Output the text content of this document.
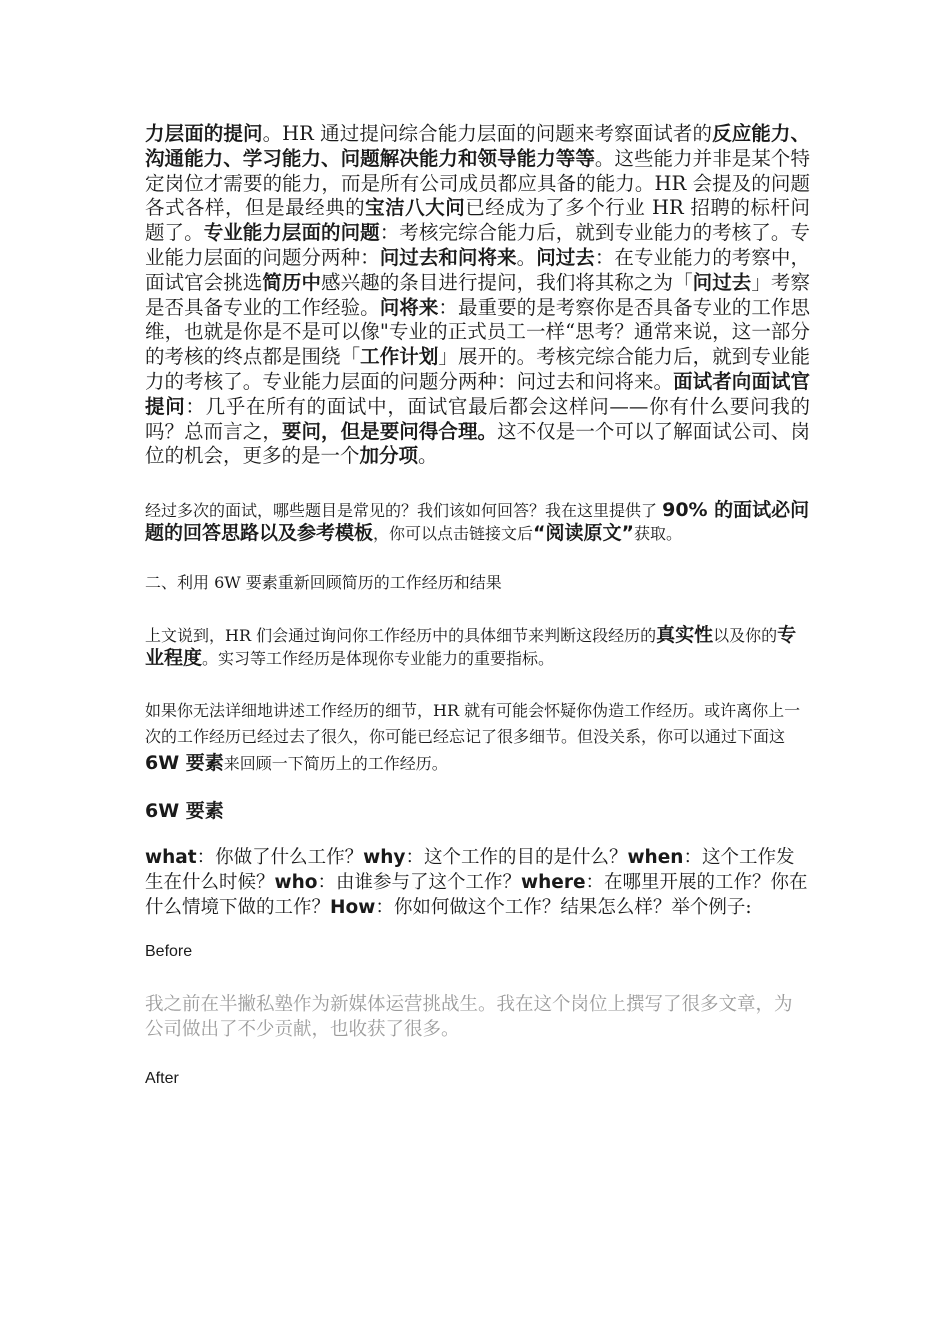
力层面的提问。HR 通过提问综合能力层面的问题来考察面试者的反应能力、沟通能力、学习能力、问题解决能力和领导能力等等。这些能力并非是某个特定岗位才需要的能力，而是所有公司成员都应具备的能力。HR 会提及的问题各式各样，但是最经典的宝洁八大问已经成为了多个行业 HR 招聘的标杆问题了。专业能力层面的问题：考核完综合能力后，就到专业能力的考核了。专业能力层面的问题分两种：问过去和问将来。问过去：在专业能力的考察中，面试官会挑选简历中感兴趣的条目进行提问，我们将其称之为「问过去」考察是否具备专业的工作经验。问将来：最重要的是考察你是否具备专业的工作思维，也就是你是不是可以像"专业的正式员工一样“思考？通常来说，这一部分的考核的终点都是围绕「工作计划」展开的。考核完综合能力后，就到专业能力的考核了。专业能力层面的问题分两种：问过去和问将来。面试者向面试官提问：几乎在所有的面试中，面试官最后都会这样问——你有什么要问我的吗？总而言之，要问，但是要问得合理。这不仅是一个可以了解面试公司、岗位的机会，更多的是一个加分项。

经过多次的面试，哪些题目是常见的？我们该如何回答？我在这里提供了 90% 的面试必问题的回答思路以及参考模板，你可以点击链接文后“阅读原文”获取。

二、利用 6W 要素重新回顾简历的工作经历和结果

上文说到，HR 们会通过询问你工作经历中的具体细节来判断这段经历的真实性以及你的专业程度。实习等工作经历是体现你专业能力的重要指标。

如果你无法详细地讲述工作经历的细节，HR 就有可能会怀疑你伪造工作经历。或许离你上一次的工作经历已经过去了很久，你可能已经忘记了很多细节。但没关系，你可以通过下面这 6W 要素来回顾一下简历上的工作经历。

6W 要素

what：你做了什么工作？why：这个工作的目的是什么？when：这个工作发生在什么时候？who：由谁参与了这个工作？where：在哪里开展的工作？你在什么情境下做的工作？How：你如何做这个工作？结果怎么样？举个例子:

Before

我之前在半撇私塾作为新媒体运营挑战生。我在这个岗位上撰写了很多文章，为公司做出了不少贡献，也收获了很多。

After
